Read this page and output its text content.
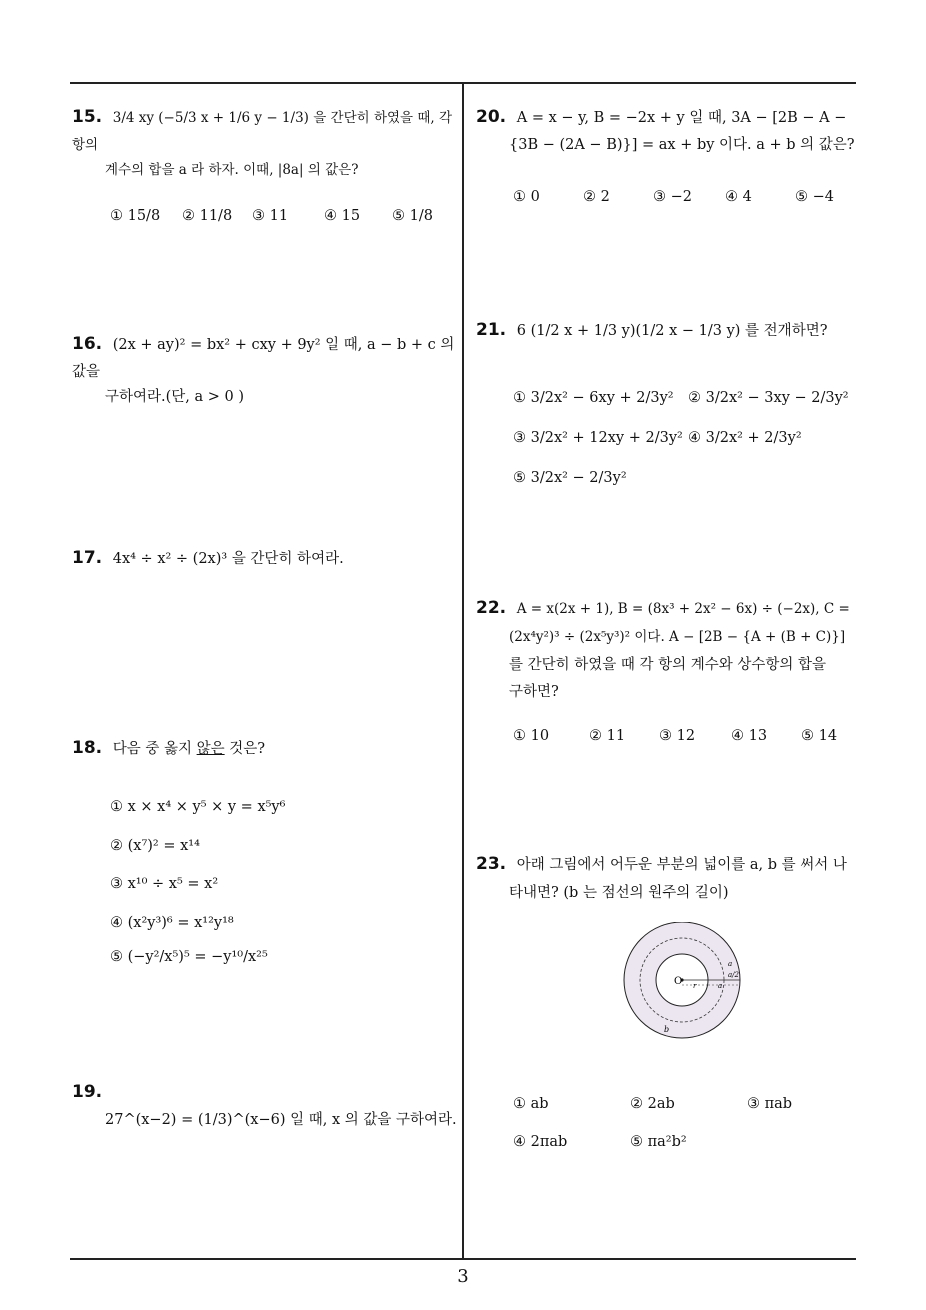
15. 3/4 xy (−5/3 x + 1/6 y − 1/3) 을 간단히 하였을 때, 각 항의
계수의 합을 a 라 하자. 이때, |8a| 의 값은?
① 15/8	② 11/8	③ 11	④ 15	⑤ 1/8
16. (2x + ay)² = bx² + cxy + 9y² 일 때, a − b + c 의 값을
구하여라.(단, a > 0 )
17. 4x⁴ ÷ x² ÷ (2x)³ 을 간단히 하여라.
18. 다음 중 옳지 않은 것은?
① x × x⁴ × y⁵ × y = x⁵y⁶
② (x⁷)² = x¹⁴
③ x¹⁰ ÷ x⁵ = x²
④ (x²y³)⁶ = x¹²y¹⁸
⑤ (−y²/x⁵)⁵ = −y¹⁰/x²⁵
19.
27^(x−2) = (1/3)^(x−6) 일 때, x 의 값을 구하여라.
20. A = x − y, B = −2x + y 일 때, 3A − [2B − A −
{3B − (2A − B)}] = ax + by 이다. a + b 의 값은?
① 0	② 2	③ −2	④ 4	⑤ −4
21. 6 (1/2 x + 1/3 y)(1/2 x − 1/3 y) 를 전개하면?
① 3/2x² − 6xy + 2/3y² ② 3/2x² − 3xy − 2/3y²
③ 3/2x² + 12xy + 2/3y² ④ 3/2x² + 2/3y²
⑤ 3/2x² − 2/3y²
22. A = x(2x + 1), B = (8x³ + 2x² − 6x) ÷ (−2x), C =
(2x⁴y²)³ ÷ (2x⁵y³)² 이다. A − [2B − {A + (B + C)}]
를 간단히 하였을 때 각 항의 계수와 상수항의 합을
구하면?
① 10	② 11	③ 12	④ 13	⑤ 14
23. 아래 그림에서 어두운 부분의 넓이를 a, b 를 써서 나
타내면? (b 는 점선의 원주의 길이)
O r
a
a/2
a
b
① ab	② 2ab	③ πab
④ 2πab	⑤ πa²b²
3
